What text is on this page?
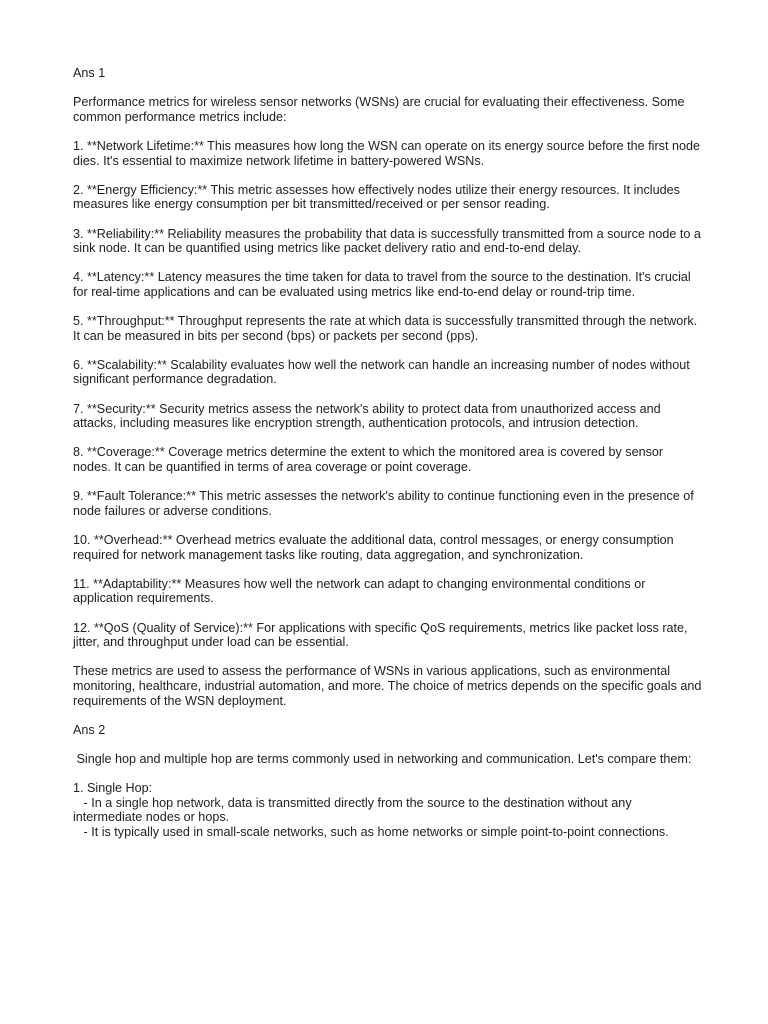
Ans 1

Performance metrics for wireless sensor networks (WSNs) are crucial for evaluating their effectiveness. Some common performance metrics include:

1. **Network Lifetime:** This measures how long the WSN can operate on its energy source before the first node dies. It's essential to maximize network lifetime in battery-powered WSNs.

2. **Energy Efficiency:** This metric assesses how effectively nodes utilize their energy resources. It includes measures like energy consumption per bit transmitted/received or per sensor reading.

3. **Reliability:** Reliability measures the probability that data is successfully transmitted from a source node to a sink node. It can be quantified using metrics like packet delivery ratio and end-to-end delay.

4. **Latency:** Latency measures the time taken for data to travel from the source to the destination. It's crucial for real-time applications and can be evaluated using metrics like end-to-end delay or round-trip time.

5. **Throughput:** Throughput represents the rate at which data is successfully transmitted through the network. It can be measured in bits per second (bps) or packets per second (pps).

6. **Scalability:** Scalability evaluates how well the network can handle an increasing number of nodes without significant performance degradation.

7. **Security:** Security metrics assess the network's ability to protect data from unauthorized access and attacks, including measures like encryption strength, authentication protocols, and intrusion detection.

8. **Coverage:** Coverage metrics determine the extent to which the monitored area is covered by sensor nodes. It can be quantified in terms of area coverage or point coverage.

9. **Fault Tolerance:** This metric assesses the network's ability to continue functioning even in the presence of node failures or adverse conditions.

10. **Overhead:** Overhead metrics evaluate the additional data, control messages, or energy consumption required for network management tasks like routing, data aggregation, and synchronization.

11. **Adaptability:** Measures how well the network can adapt to changing environmental conditions or application requirements.

12. **QoS (Quality of Service):** For applications with specific QoS requirements, metrics like packet loss rate, jitter, and throughput under load can be essential.

These metrics are used to assess the performance of WSNs in various applications, such as environmental monitoring, healthcare, industrial automation, and more. The choice of metrics depends on the specific goals and requirements of the WSN deployment.

Ans 2

Single hop and multiple hop are terms commonly used in networking and communication. Let's compare them:

1. Single Hop:

- In a single hop network, data is transmitted directly from the source to the destination without any intermediate nodes or hops.

- It is typically used in small-scale networks, such as home networks or simple point-to-point connections.
